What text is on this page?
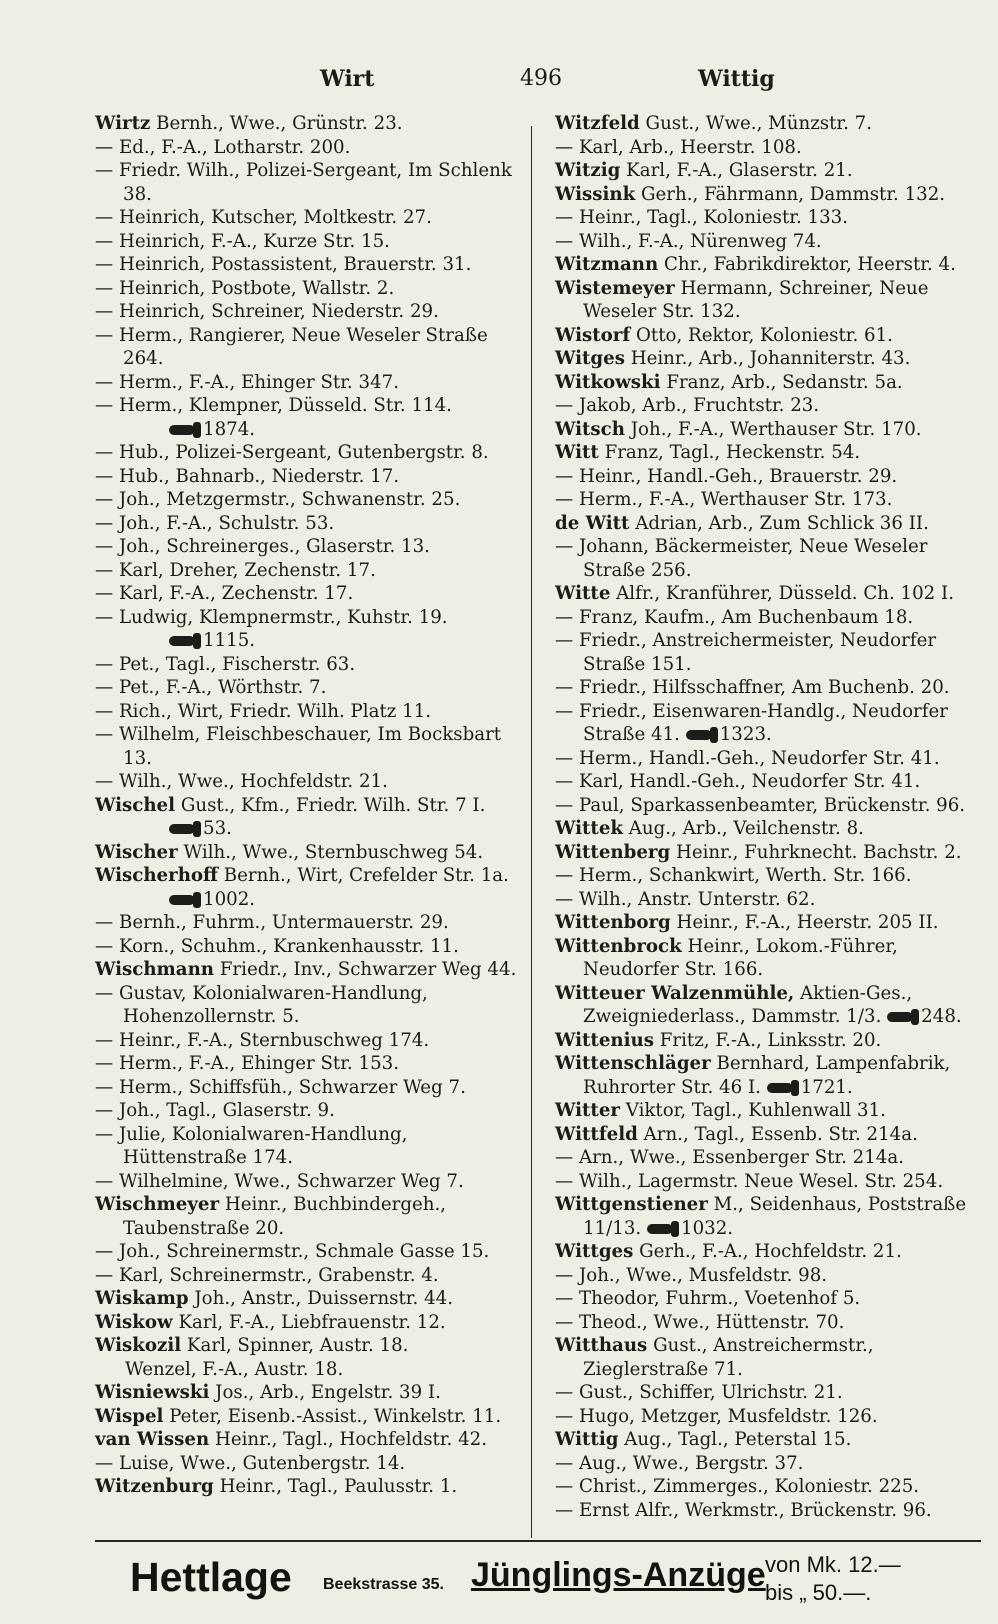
Wirt	496	Wittig
Wirtz Bernh., Wwe., Grünstr. 23.
— Ed., F.-A., Lotharstr. 200.
— Friedr. Wilh., Polizei-Sergeant, Im Schlenk 38.
— Heinrich, Kutscher, Moltkestr. 27.
— Heinrich, F.-A., Kurze Str. 15.
— Heinrich, Postassistent, Brauerstr. 31.
— Heinrich, Postbote, Wallstr. 2.
— Heinrich, Schreiner, Niederstr. 29.
— Herm., Rangierer, Neue Weseler Straße 264.
— Herm., F.-A., Ehinger Str. 347.
— Herm., Klempner, Düsseld. Str. 114.
1874.
— Hub., Polizei-Sergeant, Gutenbergstr. 8.
— Hub., Bahnarb., Niederstr. 17.
— Joh., Metzgermstr., Schwanenstr. 25.
— Joh., F.-A., Schulstr. 53.
— Joh., Schreinerges., Glaserstr. 13.
— Karl, Dreher, Zechenstr. 17.
— Karl, F.-A., Zechenstr. 17.
— Ludwig, Klempnermstr., Kuhstr. 19.
1115.
— Pet., Tagl., Fischerstr. 63.
— Pet., F.-A., Wörthstr. 7.
— Rich., Wirt, Friedr. Wilh. Platz 11.
— Wilhelm, Fleischbeschauer, Im Bocksbart 13.
— Wilh., Wwe., Hochfeldstr. 21.
Wischel Gust., Kfm., Friedr. Wilh. Str. 7 I.
53.
Wischer Wilh., Wwe., Sternbuschweg 54.
Wischerhoff Bernh., Wirt, Crefelder Str. 1a.
1002.
— Bernh., Fuhrm., Untermauerstr. 29.
— Korn., Schuhm., Krankenhausstr. 11.
Wischmann Friedr., Inv., Schwarzer Weg 44.
— Gustav, Kolonialwaren-Handlung, Hohenzollernstr. 5.
— Heinr., F.-A., Sternbuschweg 174.
— Herm., F.-A., Ehinger Str. 153.
— Herm., Schiffsfüh., Schwarzer Weg 7.
— Joh., Tagl., Glaserstr. 9.
— Julie, Kolonialwaren-Handlung, Hüttenstraße 174.
— Wilhelmine, Wwe., Schwarzer Weg 7.
Wischmeyer Heinr., Buchbindergeh., Taubenstraße 20.
— Joh., Schreinermstr., Schmale Gasse 15.
— Karl, Schreinermstr., Grabenstr. 4.
Wiskamp Joh., Anstr., Duissernstr. 44.
Wiskow Karl, F.-A., Liebfrauenstr. 12.
Wiskozil Karl, Spinner, Austr. 18.
Wenzel, F.-A., Austr. 18.
Wisniewski Jos., Arb., Engelstr. 39 I.
Wispel Peter, Eisenb.-Assist., Winkelstr. 11.
van Wissen Heinr., Tagl., Hochfeldstr. 42.
— Luise, Wwe., Gutenbergstr. 14.
Witzenburg Heinr., Tagl., Paulusstr. 1.
Witzfeld Gust., Wwe., Münzstr. 7.
— Karl, Arb., Heerstr. 108.
Witzig Karl, F.-A., Glaserstr. 21.
Wissink Gerh., Fährmann, Dammstr. 132.
— Heinr., Tagl., Koloniestr. 133.
— Wilh., F.-A., Nürenweg 74.
Witzmann Chr., Fabrikdirektor, Heerstr. 4.
Wistemeyer Hermann, Schreiner, Neue Weseler Str. 132.
Wistorf Otto, Rektor, Koloniestr. 61.
Witges Heinr., Arb., Johanniterstr. 43.
Witkowski Franz, Arb., Sedanstr. 5a.
— Jakob, Arb., Fruchtstr. 23.
Witsch Joh., F.-A., Werthauser Str. 170.
Witt Franz, Tagl., Heckenstr. 54.
— Heinr., Handl.-Geh., Brauerstr. 29.
— Herm., F.-A., Werthauser Str. 173.
de Witt Adrian, Arb., Zum Schlick 36 II.
— Johann, Bäckermeister, Neue Weseler Straße 256.
Witte Alfr., Kranführer, Düsseld. Ch. 102 I.
— Franz, Kaufm., Am Buchenbaum 18.
— Friedr., Anstreichermeister, Neudorfer Straße 151.
— Friedr., Hilfsschaffner, Am Buchenb. 20.
— Friedr., Eisenwaren-Handlg., Neudorfer Straße 41. 1323.
— Herm., Handl.-Geh., Neudorfer Str. 41.
— Karl, Handl.-Geh., Neudorfer Str. 41.
— Paul, Sparkassenbeamter, Brückenstr. 96.
Wittek Aug., Arb., Veilchenstr. 8.
Wittenberg Heinr., Fuhrknecht. Bachstr. 2.
— Herm., Schankwirt, Werth. Str. 166.
— Wilh., Anstr. Unterstr. 62.
Wittenborg Heinr., F.-A., Heerstr. 205 II.
Wittenbrock Heinr., Lokom.-Führer, Neudorfer Str. 166.
Witteuer Walzenmühle, Aktien-Ges., Zweigniederlass., Dammstr. 1/3. 248.
Wittenius Fritz, F.-A., Linksstr. 20.
Wittenschläger Bernhard, Lampenfabrik, Ruhrorter Str. 46 I. 1721.
Witter Viktor, Tagl., Kuhlenwall 31.
Wittfeld Arn., Tagl., Essenb. Str. 214a.
— Arn., Wwe., Essenberger Str. 214a.
— Wilh., Lagermstr. Neue Wesel. Str. 254.
Wittgenstiener M., Seidenhaus, Poststraße 11/13. 1032.
Wittges Gerh., F.-A., Hochfeldstr. 21.
— Joh., Wwe., Musfeldstr. 98.
— Theodor, Fuhrm., Voetenhof 5.
— Theod., Wwe., Hüttenstr. 70.
Witthaus Gust., Anstreichermstr., Zieglerstraße 71.
— Gust., Schiffer, Ulrichstr. 21.
— Hugo, Metzger, Musfeldstr. 126.
Wittig Aug., Tagl., Peterstal 15.
— Aug., Wwe., Bergstr. 37.
— Christ., Zimmerges., Koloniestr. 225.
— Ernst Alfr., Werkmstr., Brückenstr. 96.
Hettlage Beekstrasse 35. Jünglings-Anzüge von Mk. 12.—
bis „ 50.—.
